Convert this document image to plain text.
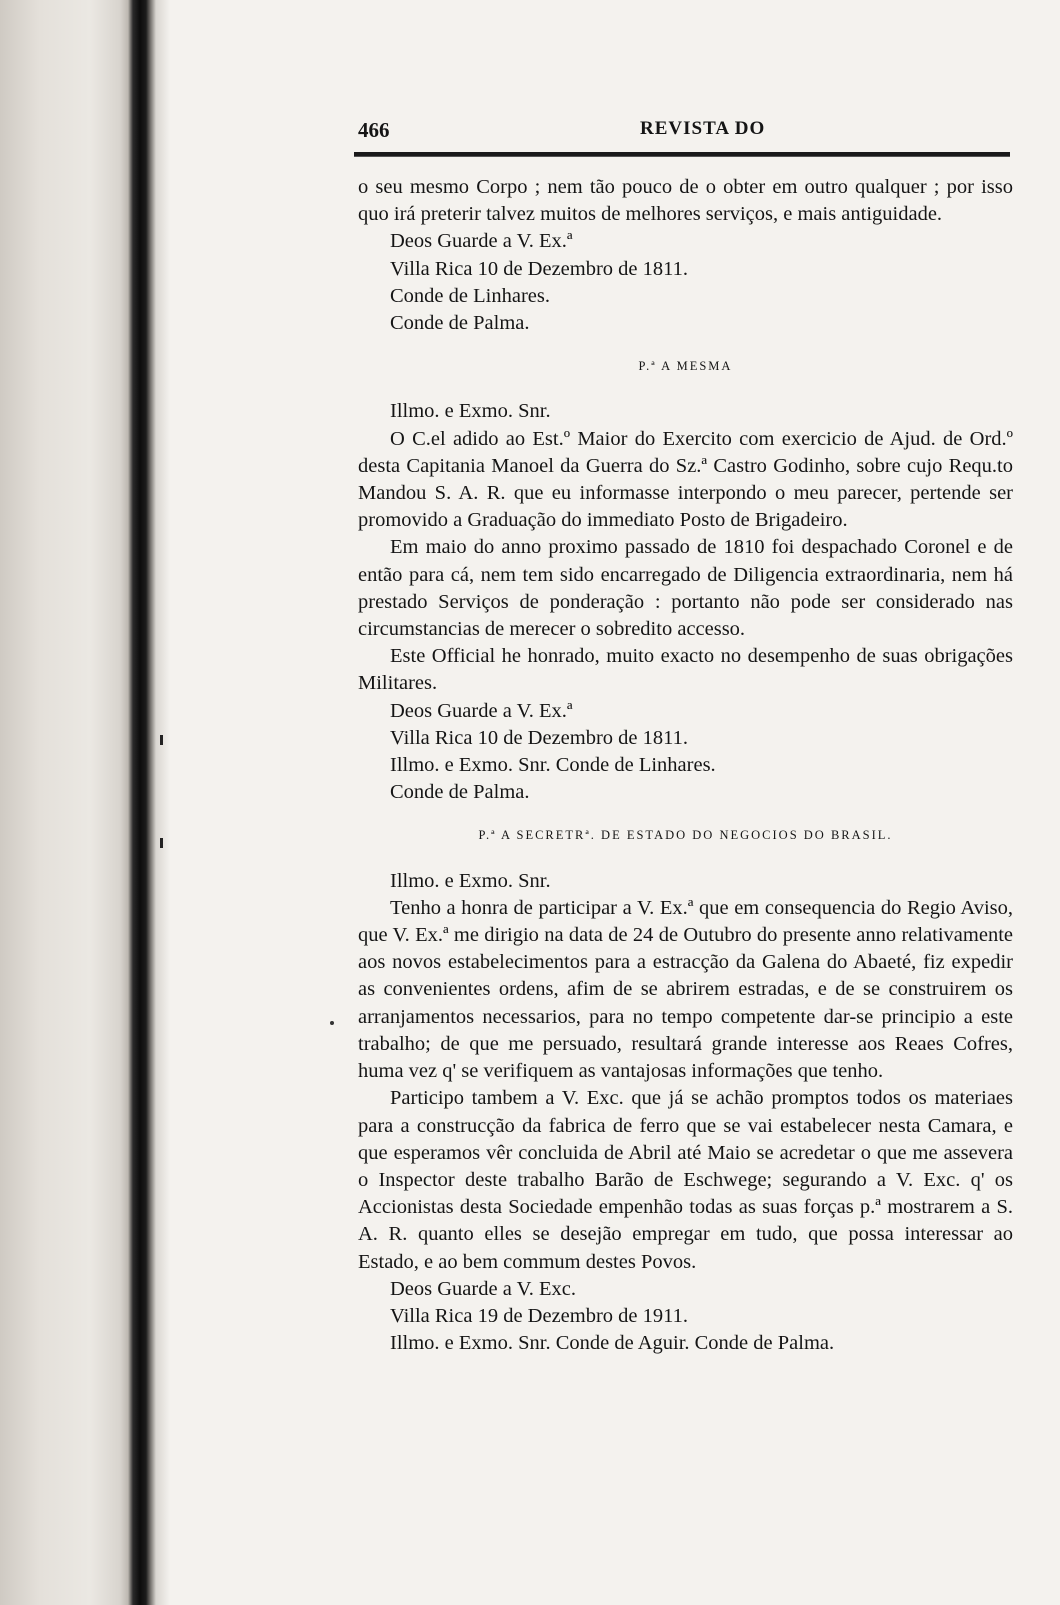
466	REVISTA DO

o seu mesmo Corpo ; nem tão pouco de o obter em outro qualquer ; por isso quo irá preterir talvez muitos de melhores serviços, e mais antiguidade.

Deos Guarde a V. Ex.ª

Villa Rica 10 de Dezembro de 1811.

Conde de Linhares.

Conde de Palma.

P.ª A MESMA

Illmo. e Exmo. Snr.

O C.el adido ao Est.º Maior do Exercito com exercicio de Ajud. de Ord.º desta Capitania Manoel da Guerra do Sz.ª Castro Godinho, sobre cujo Requ.to Mandou S. A. R. que eu informasse interpondo o meu parecer, pertende ser promovido a Graduação do immediato Posto de Brigadeiro.

Em maio do anno proximo passado de 1810 foi despachado Coronel e de então para cá, nem tem sido encarregado de Diligencia extraordinaria, nem há prestado Serviços de ponderação : portanto não pode ser considerado nas circumstancias de merecer o sobredito accesso.

Este Official he honrado, muito exacto no desempenho de suas obrigações Militares.

Deos Guarde a V. Ex.ª

Villa Rica 10 de Dezembro de 1811.

Illmo. e Exmo. Snr. Conde de Linhares.

Conde de Palma.

P.ª A SECRETRª. DE ESTADO DO NEGOCIOS DO BRASIL.

Illmo. e Exmo. Snr.

Tenho a honra de participar a V. Ex.ª que em consequencia do Regio Aviso, que V. Ex.ª me dirigio na data de 24 de Outubro do presente anno relativamente aos novos estabelecimentos para a estracção da Galena do Abaeté, fiz expedir as convenientes ordens, afim de se abrirem estradas, e de se construirem os arranjamentos necessarios, para no tempo competente dar-se principio a este trabalho; de que me persuado, resultará grande interesse aos Reaes Cofres, huma vez q' se verifiquem as vantajosas informações que tenho.

Participo tambem a V. Exc. que já se achão promptos todos os materiaes para a construcção da fabrica de ferro que se vai estabelecer nesta Camara, e que esperamos vêr concluida de Abril até Maio se acredetar o que me assevera o Inspector deste trabalho Barão de Eschwege; segurando a V. Exc. q' os Accionistas desta Sociedade empenhão todas as suas forças p.ª mostrarem a S. A. R. quanto elles se desejão empregar em tudo, que possa interessar ao Estado, e ao bem commum destes Povos.

Deos Guarde a V. Exc.

Villa Rica 19 de Dezembro de 1911.

Illmo. e Exmo. Snr. Conde de Aguir. Conde de Palma.
